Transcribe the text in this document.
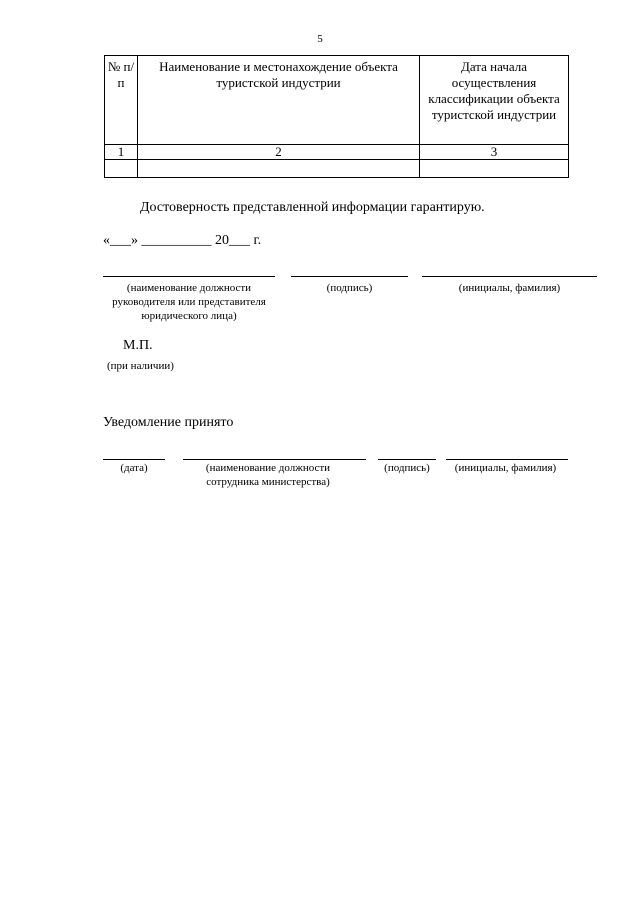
5
№ п/п	Наименование и местонахождение объекта туристской индустрии	Дата начала осуществления классификации объекта туристской индустрии
1	2	3

Достоверность представленной информации гарантирую.
«___» __________ 20___ г.
(наименование должности руководителя или представителя юридического лица)
(подпись)	(инициалы, фамилия)
М.П.
(при наличии)
Уведомление принято
(дата)	(наименование должности сотрудника министерства)
(подпись)	(инициалы, фамилия)
